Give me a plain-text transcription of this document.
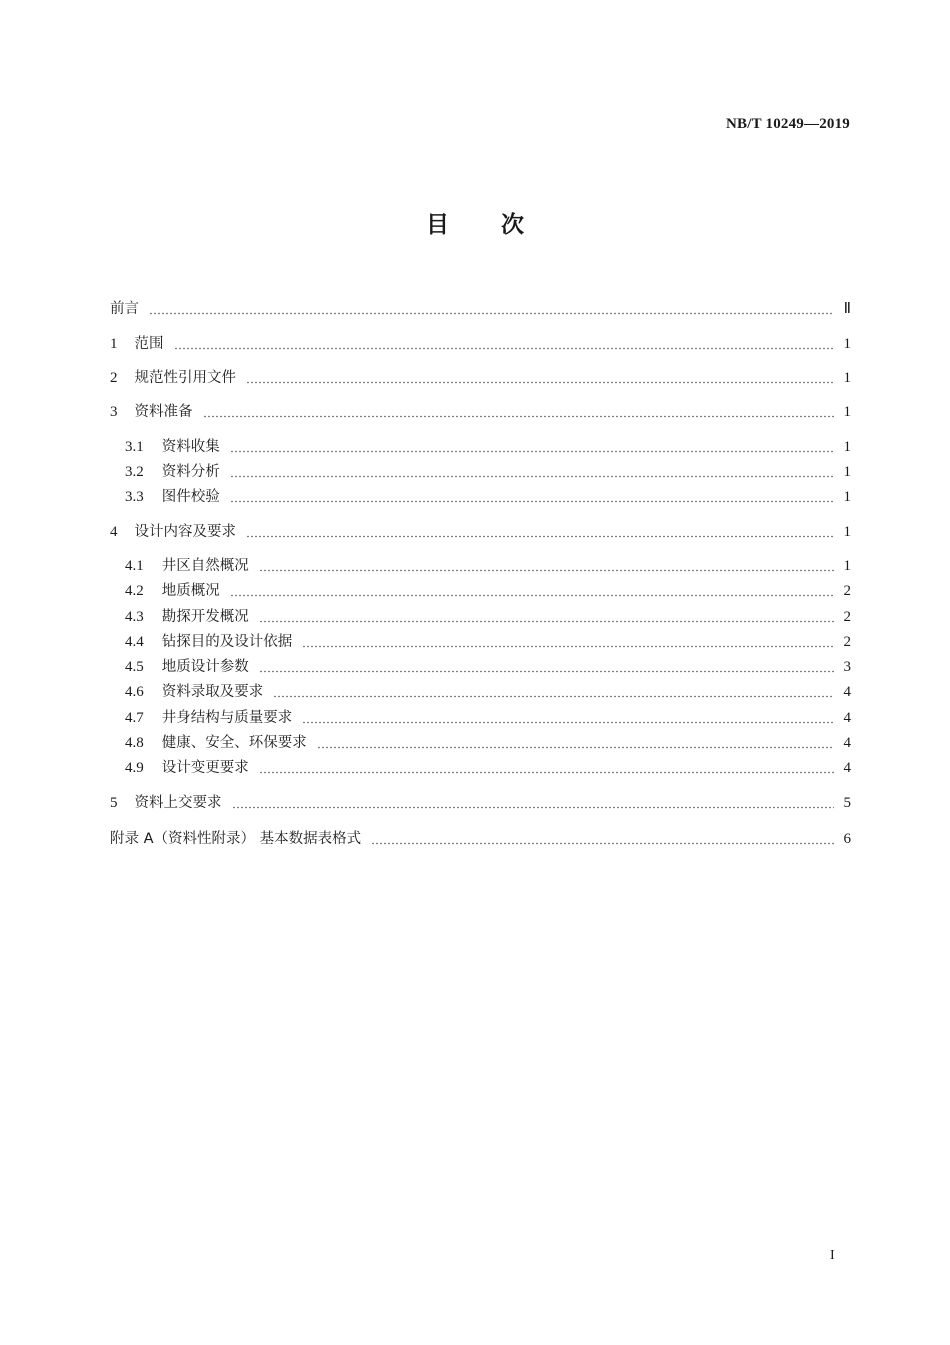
NB/T 10249—2019
目次
前言	Ⅱ
1	范围	1
2	规范性引用文件	1
3	资料准备	1
3.1	资料收集	1
3.2	资料分析	1
3.3	图件校验	1
4	设计内容及要求	1
4.1	井区自然概况	1
4.2	地质概况	2
4.3	勘探开发概况	2
4.4	钻探目的及设计依据	2
4.5	地质设计参数	3
4.6	资料录取及要求	4
4.7	井身结构与质量要求	4
4.8	健康、安全、环保要求	4
4.9	设计变更要求	4
5	资料上交要求	5
附录 A（资料性附录） 基本数据表格式	6
I
